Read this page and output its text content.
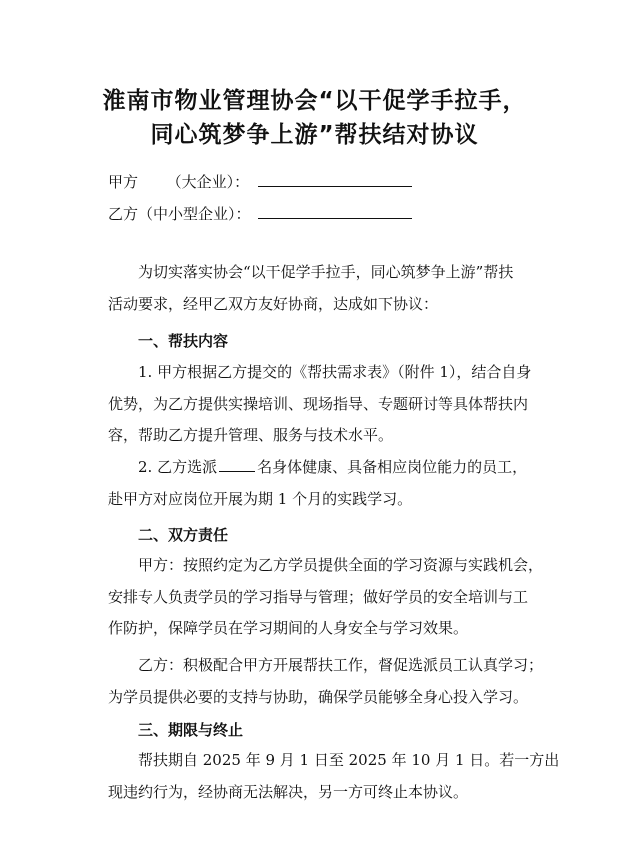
淮南市物业管理协会“以干促学手拉手，
同心筑梦争上游”帮扶结对协议
甲方      （大企业）：
乙方（中小型企业）：
为切实落实协会“以干促学手拉手，同心筑梦争上游”帮扶
活动要求，经甲乙双方友好协商，达成如下协议：
一、帮扶内容
1. 甲方根据乙方提交的《帮扶需求表》（附件 1），结合自身
优势，为乙方提供实操培训、现场指导、专题研讨等具体帮扶内
容，帮助乙方提升管理、服务与技术水平。
2. 乙方选派	名身体健康、具备相应岗位能力的员工，
赴甲方对应岗位开展为期 1 个月的实践学习。
二、双方责任
甲方：按照约定为乙方学员提供全面的学习资源与实践机会，
安排专人负责学员的学习指导与管理；做好学员的安全培训与工
作防护，保障学员在学习期间的人身安全与学习效果。
乙方：积极配合甲方开展帮扶工作，督促选派员工认真学习；
为学员提供必要的支持与协助，确保学员能够全身心投入学习。
三、期限与终止
帮扶期自 2025 年 9 月 1 日至 2025 年 10 月 1 日。若一方出
现违约行为，经协商无法解决，另一方可终止本协议。
